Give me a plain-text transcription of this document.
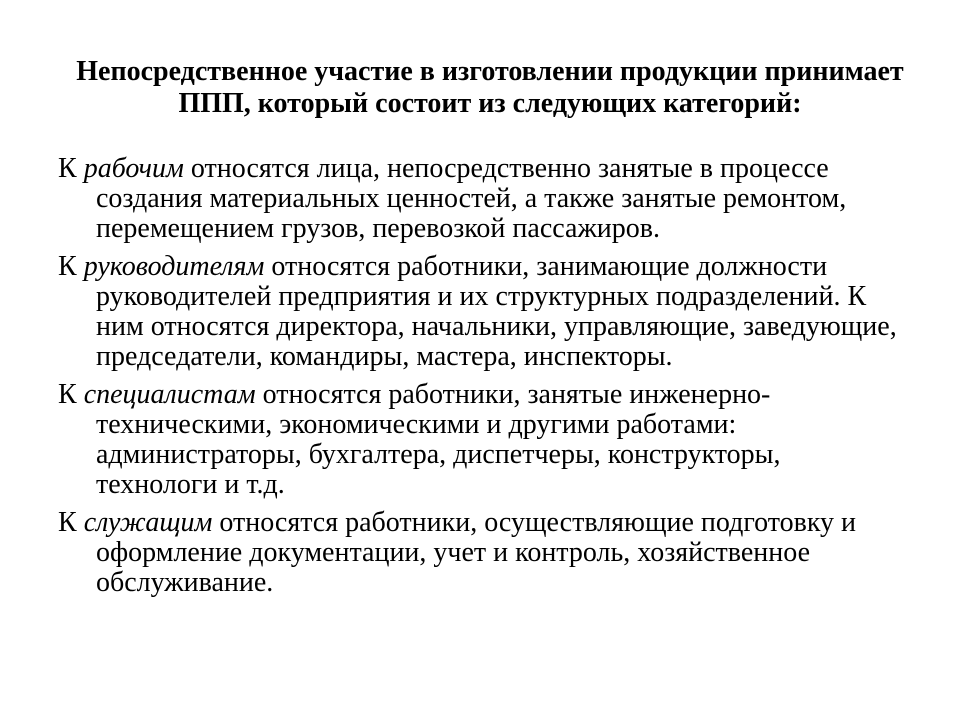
Непосредственное участие в изготовлении продукции принимает ППП, который состоит из следующих категорий:

К рабочим относятся лица, непосредственно занятые в процессе создания материальных ценностей, а также занятые ремонтом, перемещением грузов, перевозкой пассажиров.

К руководителям относятся работники, занимающие должности руководителей предприятия и их структурных подразделений. К ним относятся директора, начальники, управляющие, заведующие, председатели, командиры, мастера, инспекторы.

К специалистам относятся работники, занятые инженерно-техническими, экономическими и другими работами: администраторы, бухгалтера, диспетчеры, конструкторы, технологи и т.д.

К служащим относятся работники, осуществляющие подготовку и оформление документации, учет и контроль, хозяйственное обслуживание.
